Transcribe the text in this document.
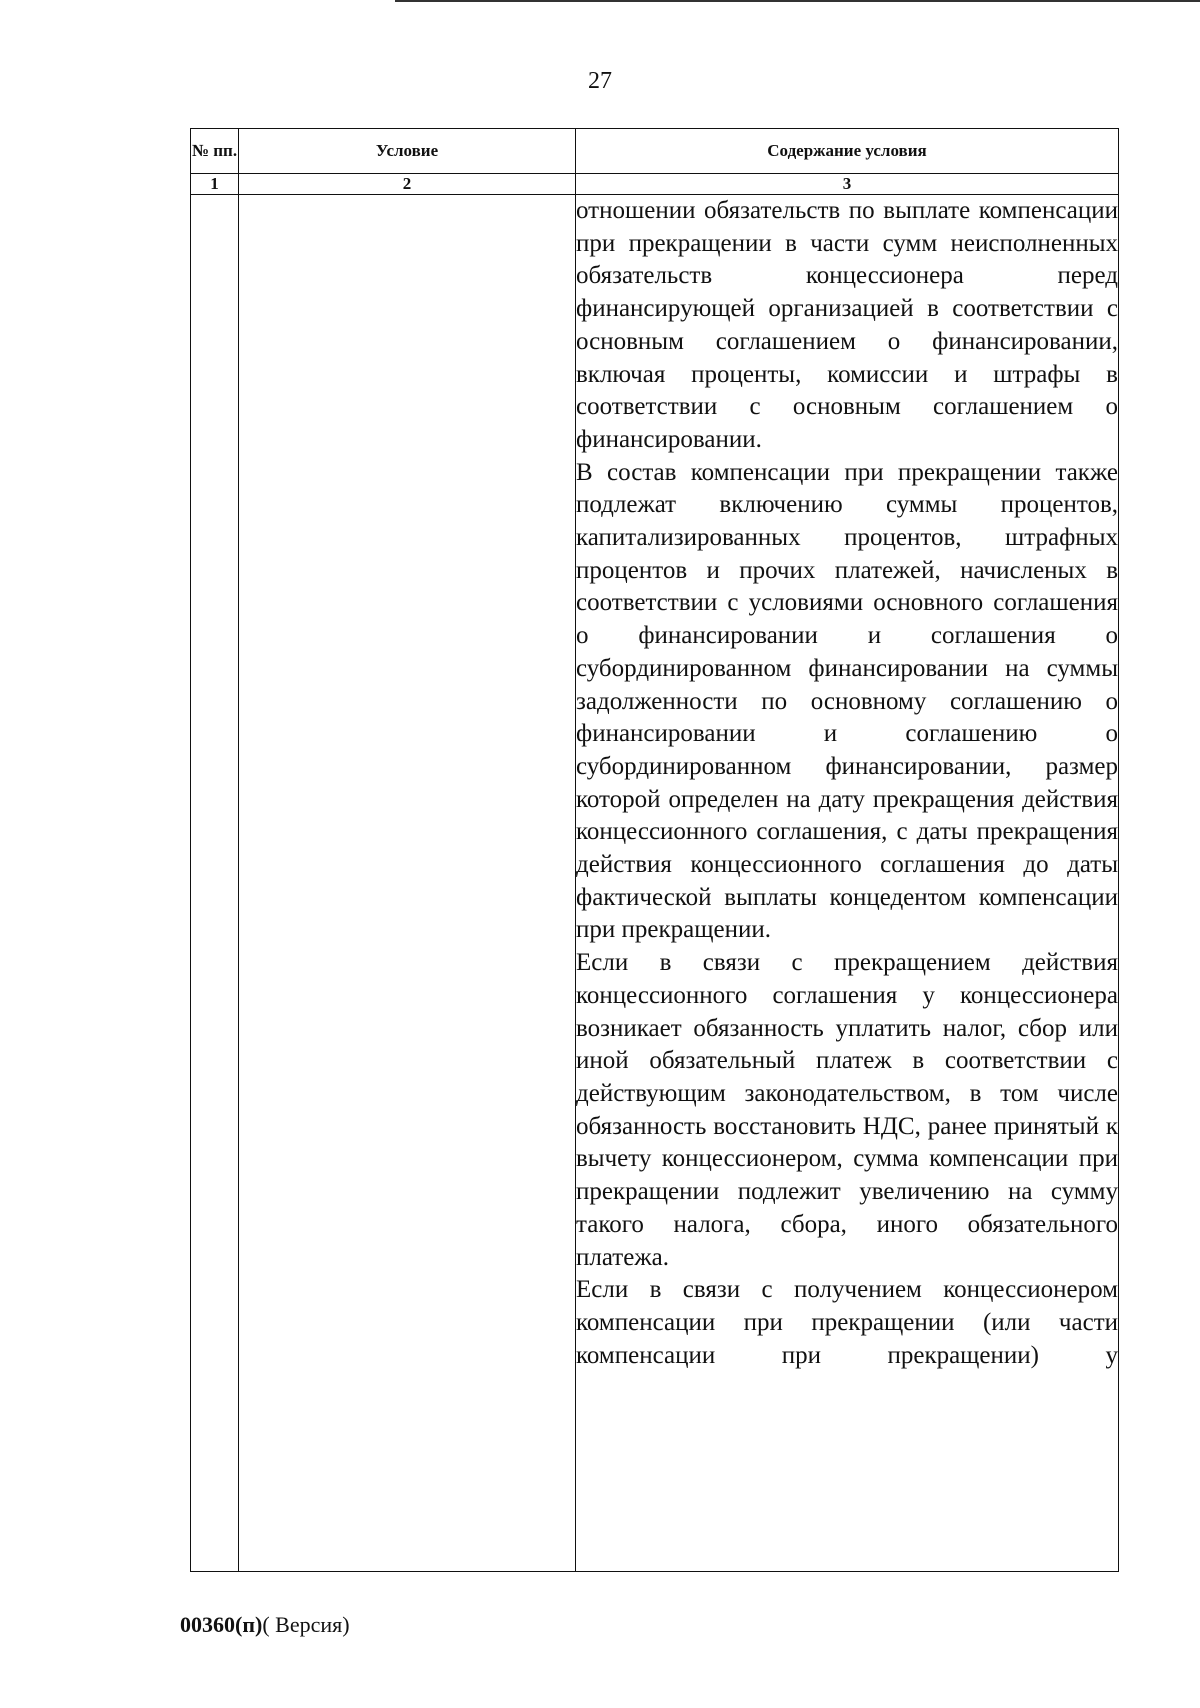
27
№ пп.	Условие	Содержание условия
1	2	3

		отношении обязательств по выплате компенсации при прекращении в части сумм неисполненных обязательств концессионера перед финансирующей организацией в соответствии с основным соглашением о финансировании, включая проценты, комиссии и штрафы в соответствии с основным соглашением о финансировании.

В состав компенсации при прекращении также подлежат включению суммы процентов, капитализированных процентов, штрафных процентов и прочих платежей, начисленых в соответствии с условиями основного соглашения о финансировании и соглашения о субординированном финансировании на суммы задолженности по основному соглашению о финансировании и соглашению о субординированном финансировании, размер которой определен на дату прекращения действия концессионного соглашения, с даты прекращения действия концессионного соглашения до даты фактической выплаты концедентом компенсации при прекращении.

Если в связи с прекращением действия концессионного соглашения у концессионера возникает обязанность уплатить налог, сбор или иной обязательный платеж в соответствии с действующим законодательством, в том числе обязанность восстановить НДС, ранее принятый к вычету концессионером, сумма компенсации при прекращении подлежит увеличению на сумму такого налога, сбора, иного обязательного платежа.

Если в связи с получением концессионером компенсации при прекращении (или части компенсации при прекращении) у

00360(п)( Версия)
